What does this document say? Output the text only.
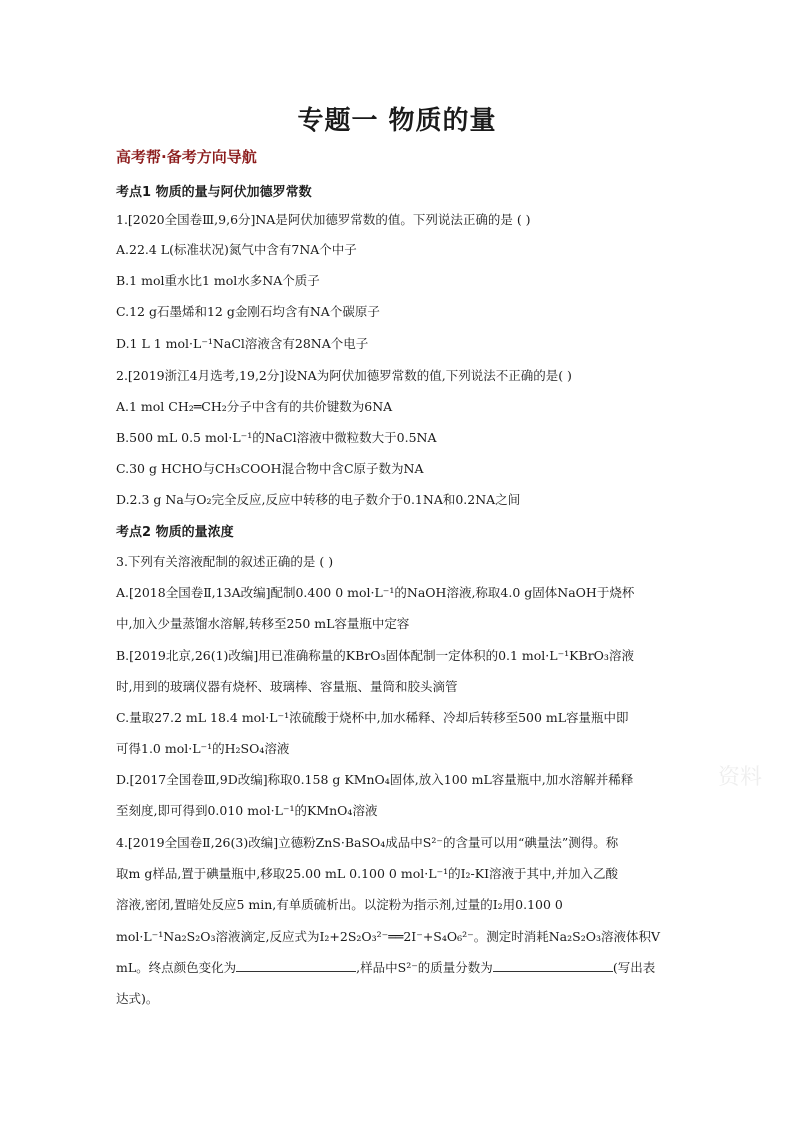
专题一 物质的量
高考帮·备考方向导航
考点1 物质的量与阿伏加德罗常数
1.[2020全国卷Ⅲ,9,6分]NA是阿伏加德罗常数的值。下列说法正确的是 ( )
A.22.4 L(标准状况)氮气中含有7NA个中子
B.1 mol重水比1 mol水多NA个质子
C.12 g石墨烯和12 g金刚石均含有NA个碳原子
D.1 L 1 mol·L⁻¹NaCl溶液含有28NA个电子
2.[2019浙江4月选考,19,2分]设NA为阿伏加德罗常数的值,下列说法不正确的是( )
A.1 mol CH₂═CH₂分子中含有的共价键数为6NA
B.500 mL 0.5 mol·L⁻¹的NaCl溶液中微粒数大于0.5NA
C.30 g HCHO与CH₃COOH混合物中含C原子数为NA
D.2.3 g Na与O₂完全反应,反应中转移的电子数介于0.1NA和0.2NA之间
考点2 物质的量浓度
3.下列有关溶液配制的叙述正确的是 ( )
A.[2018全国卷Ⅱ,13A改编]配制0.400 0 mol·L⁻¹的NaOH溶液,称取4.0 g固体NaOH于烧杯
中,加入少量蒸馏水溶解,转移至250 mL容量瓶中定容
B.[2019北京,26(1)改编]用已准确称量的KBrO₃固体配制一定体积的0.1 mol·L⁻¹KBrO₃溶液
时,用到的玻璃仪器有烧杯、玻璃棒、容量瓶、量筒和胶头滴管
C.量取27.2 mL 18.4 mol·L⁻¹浓硫酸于烧杯中,加水稀释、冷却后转移至500 mL容量瓶中即
可得1.0 mol·L⁻¹的H₂SO₄溶液
D.[2017全国卷Ⅲ,9D改编]称取0.158 g KMnO₄固体,放入100 mL容量瓶中,加水溶解并稀释
至刻度,即可得到0.010 mol·L⁻¹的KMnO₄溶液
4.[2019全国卷Ⅱ,26(3)改编]立德粉ZnS·BaSO₄成品中S²⁻的含量可以用“碘量法”测得。称
取m g样品,置于碘量瓶中,移取25.00 mL 0.100 0 mol·L⁻¹的I₂-KI溶液于其中,并加入乙酸
溶液,密闭,置暗处反应5 min,有单质硫析出。以淀粉为指示剂,过量的I₂用0.100 0
mol·L⁻¹Na₂S₂O₃溶液滴定,反应式为I₂+2S₂O₃²⁻══2I⁻+S₄O₆²⁻。测定时消耗Na₂S₂O₃溶液体积V
mL。终点颜色变化为	,样品中S²⁻的质量分数为	(写出表
达式)。
资料
